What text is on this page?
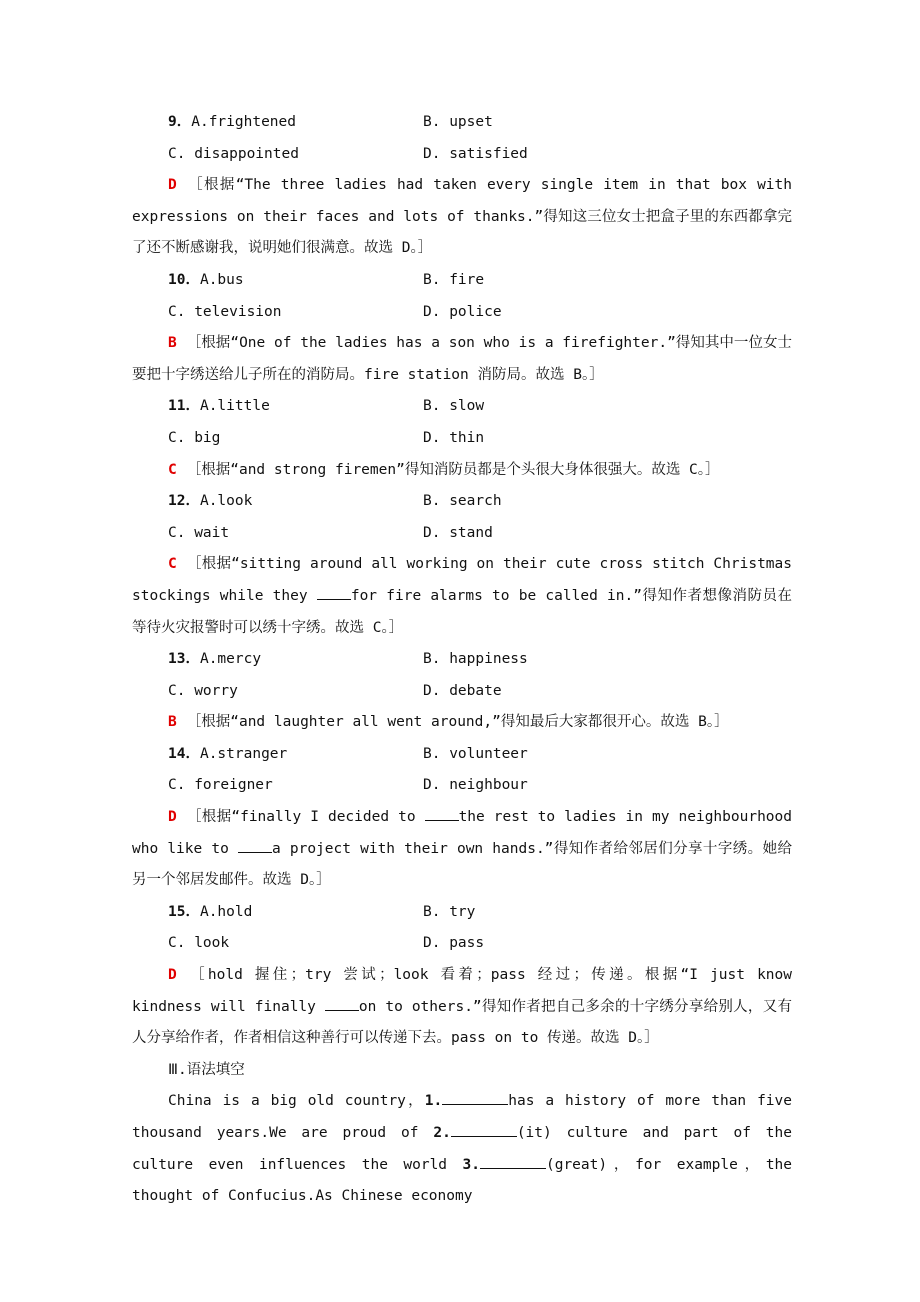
9．A.frightened	B. upset
C. disappointed	D. satisfied

D ［根据“The three ladies had taken every single item in that box with expressions on their faces and lots of thanks.”得知这三位女士把盒子里的东西都拿完了还不断感谢我，说明她们很满意。故选 D。］

10．A.bus	B. fire
C. television	D. police

B ［根据“One of the ladies has a son who is a firefighter.”得知其中一位女士要把十字绣送给儿子所在的消防局。fire station 消防局。故选 B。］

11．A.little	B. slow
C. big	D. thin

C ［根据“and strong firemen”得知消防员都是个头很大身体很强大。故选 C。］

12．A.look	B. search
C. wait	D. stand

C ［根据“sitting around all working on their cute cross stitch Christmas stockings while they for fire alarms to be called in.”得知作者想像消防员在等待火灾报警时可以绣十字绣。故选 C。］

13．A.mercy	B. happiness
C. worry	D. debate

B ［根据“and laughter all went around,”得知最后大家都很开心。故选 B。］

14．A.stranger	B. volunteer
C. foreigner	D. neighbour

D ［根据“finally I decided to the rest to ladies in my neighbourhood who like to a project with their own hands.”得知作者给邻居们分享十字绣。她给另一个邻居发邮件。故选 D。］

15．A.hold	B. try
C. look	D. pass

D ［hold 握住；try 尝试；look 看着；pass 经过；传递。根据“I just know kindness will finally on to others.”得知作者把自己多余的十字绣分享给别人，又有人分享给作者，作者相信这种善行可以传递下去。pass on to 传递。故选 D。］

Ⅲ.语法填空

China is a big old country，1.	has a history of more than five thousand years.We are proud of 2.	(it) culture and part of the culture even influences the world 3.	(great)，for example，the thought of Confucius.As Chinese economy
